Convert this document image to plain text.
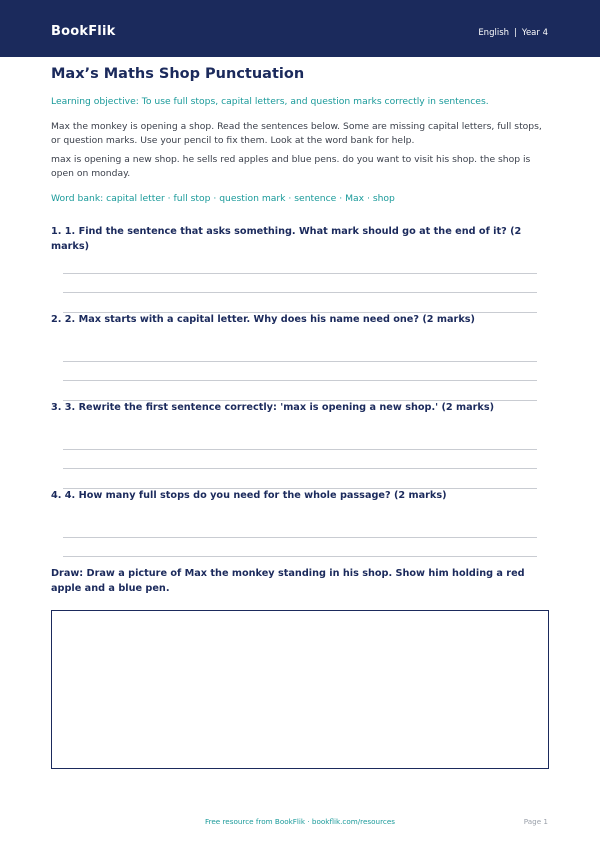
BookFlik	English | Year 4
Max’s Maths Shop Punctuation
Learning objective: To use full stops, capital letters, and question marks correctly in sentences.
Max the monkey is opening a shop. Read the sentences below. Some are missing capital letters, full stops, or question marks. Use your pencil to fix them. Look at the word bank for help.
max is opening a new shop. he sells red apples and blue pens. do you want to visit his shop. the shop is open on monday.
Word bank: capital letter · full stop · question mark · sentence · Max · shop
1. 1. Find the sentence that asks something. What mark should go at the end of it? (2 marks)
2. 2. Max starts with a capital letter. Why does his name need one? (2 marks)
3. 3. Rewrite the first sentence correctly: 'max is opening a new shop.' (2 marks)
4. 4. How many full stops do you need for the whole passage? (2 marks)
Draw: Draw a picture of Max the monkey standing in his shop. Show him holding a red apple and a blue pen.
Free resource from BookFlik · bookflik.com/resources	Page 1
